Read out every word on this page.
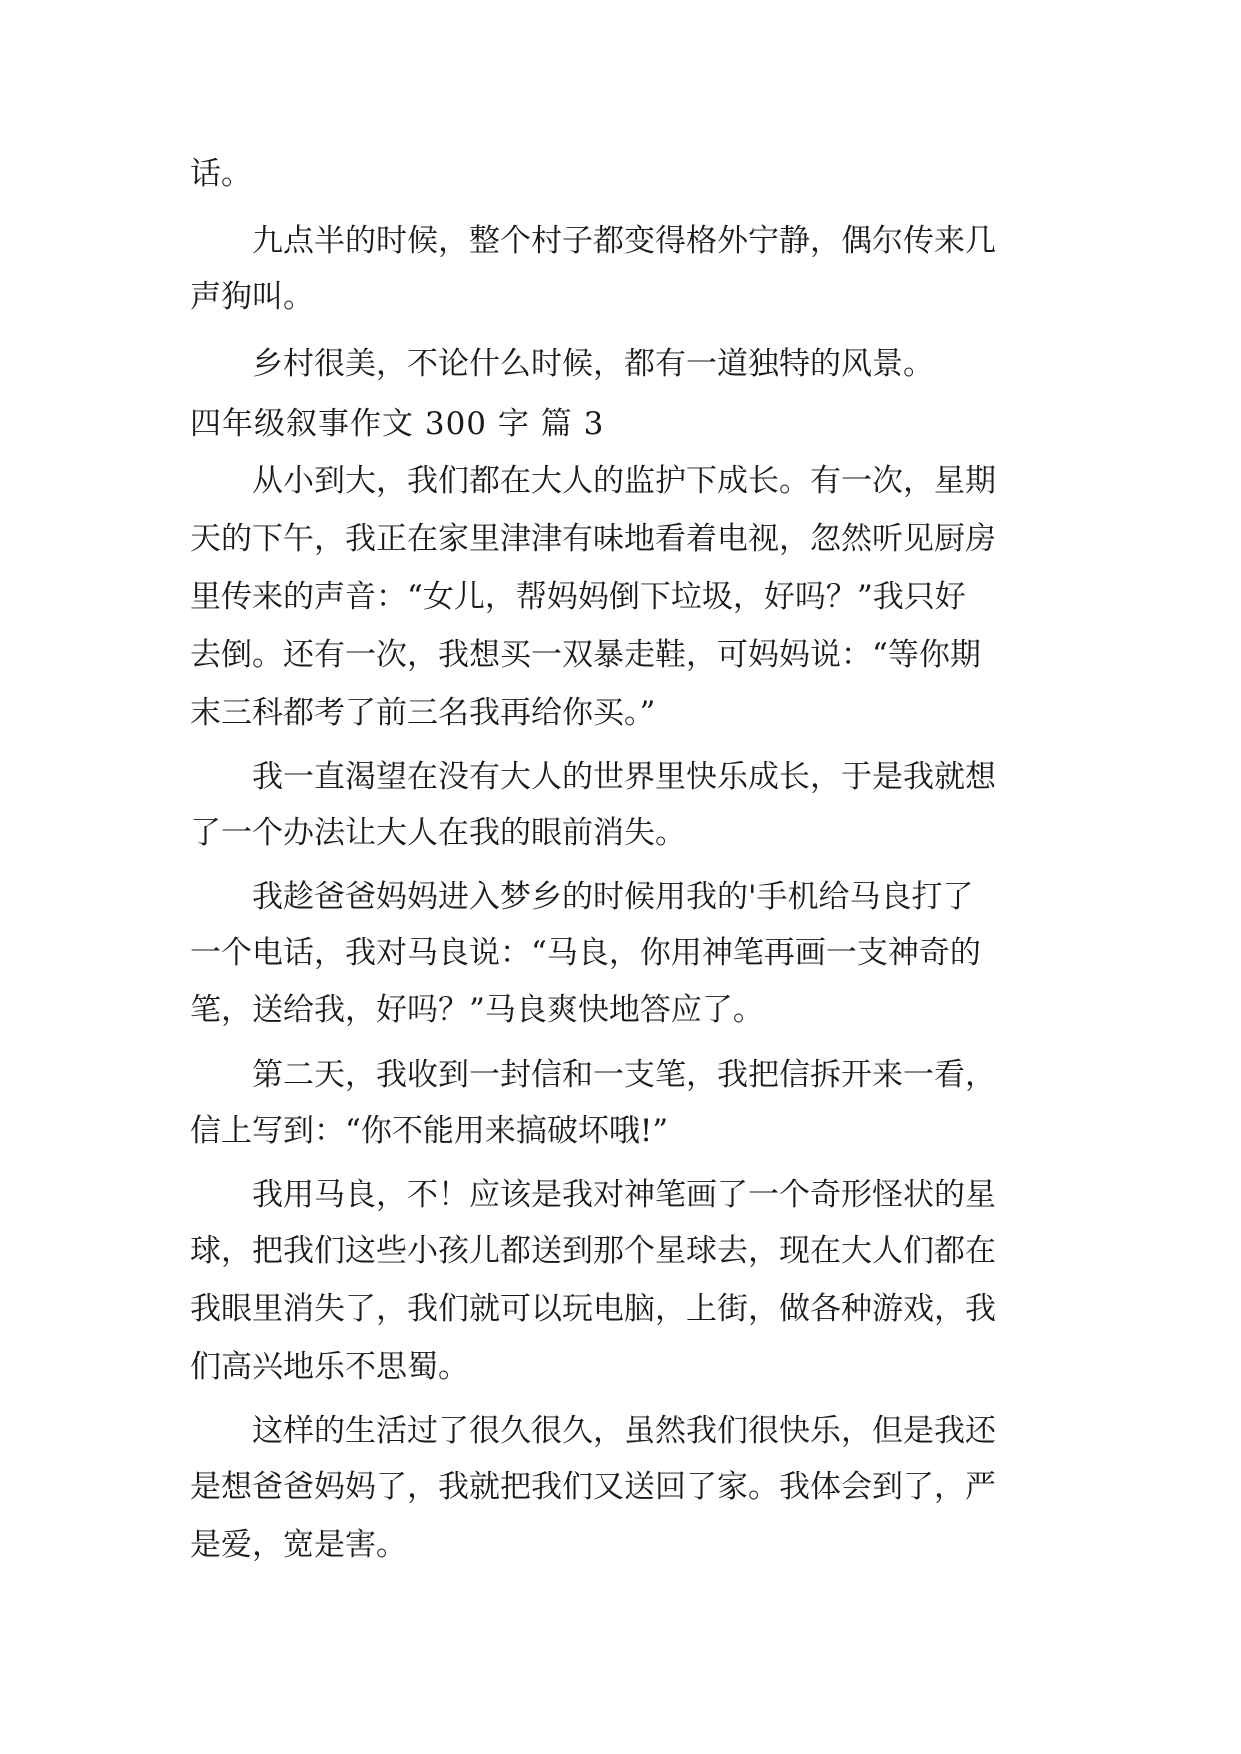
话。
九点半的时候，整个村子都变得格外宁静，偶尔传来几
声狗叫。
乡村很美，不论什么时候，都有一道独特的风景。
四年级叙事作文 300 字 篇 3
从小到大，我们都在大人的监护下成长。有一次，星期
天的下午，我正在家里津津有味地看着电视，忽然听见厨房
里传来的声音：“女儿，帮妈妈倒下垃圾，好吗？”我只好
去倒。还有一次，我想买一双暴走鞋，可妈妈说：“等你期
末三科都考了前三名我再给你买。”
我一直渴望在没有大人的世界里快乐成长，于是我就想
了一个办法让大人在我的眼前消失。
我趁爸爸妈妈进入梦乡的时候用我的'手机给马良打了
一个电话，我对马良说：“马良，你用神笔再画一支神奇的
笔，送给我，好吗？”马良爽快地答应了。
第二天，我收到一封信和一支笔，我把信拆开来一看，
信上写到：“你不能用来搞破坏哦!”
我用马良，不！应该是我对神笔画了一个奇形怪状的星
球，把我们这些小孩儿都送到那个星球去，现在大人们都在
我眼里消失了，我们就可以玩电脑，上街，做各种游戏，我
们高兴地乐不思蜀。
这样的生活过了很久很久，虽然我们很快乐，但是我还
是想爸爸妈妈了，我就把我们又送回了家。我体会到了，严
是爱，宽是害。
